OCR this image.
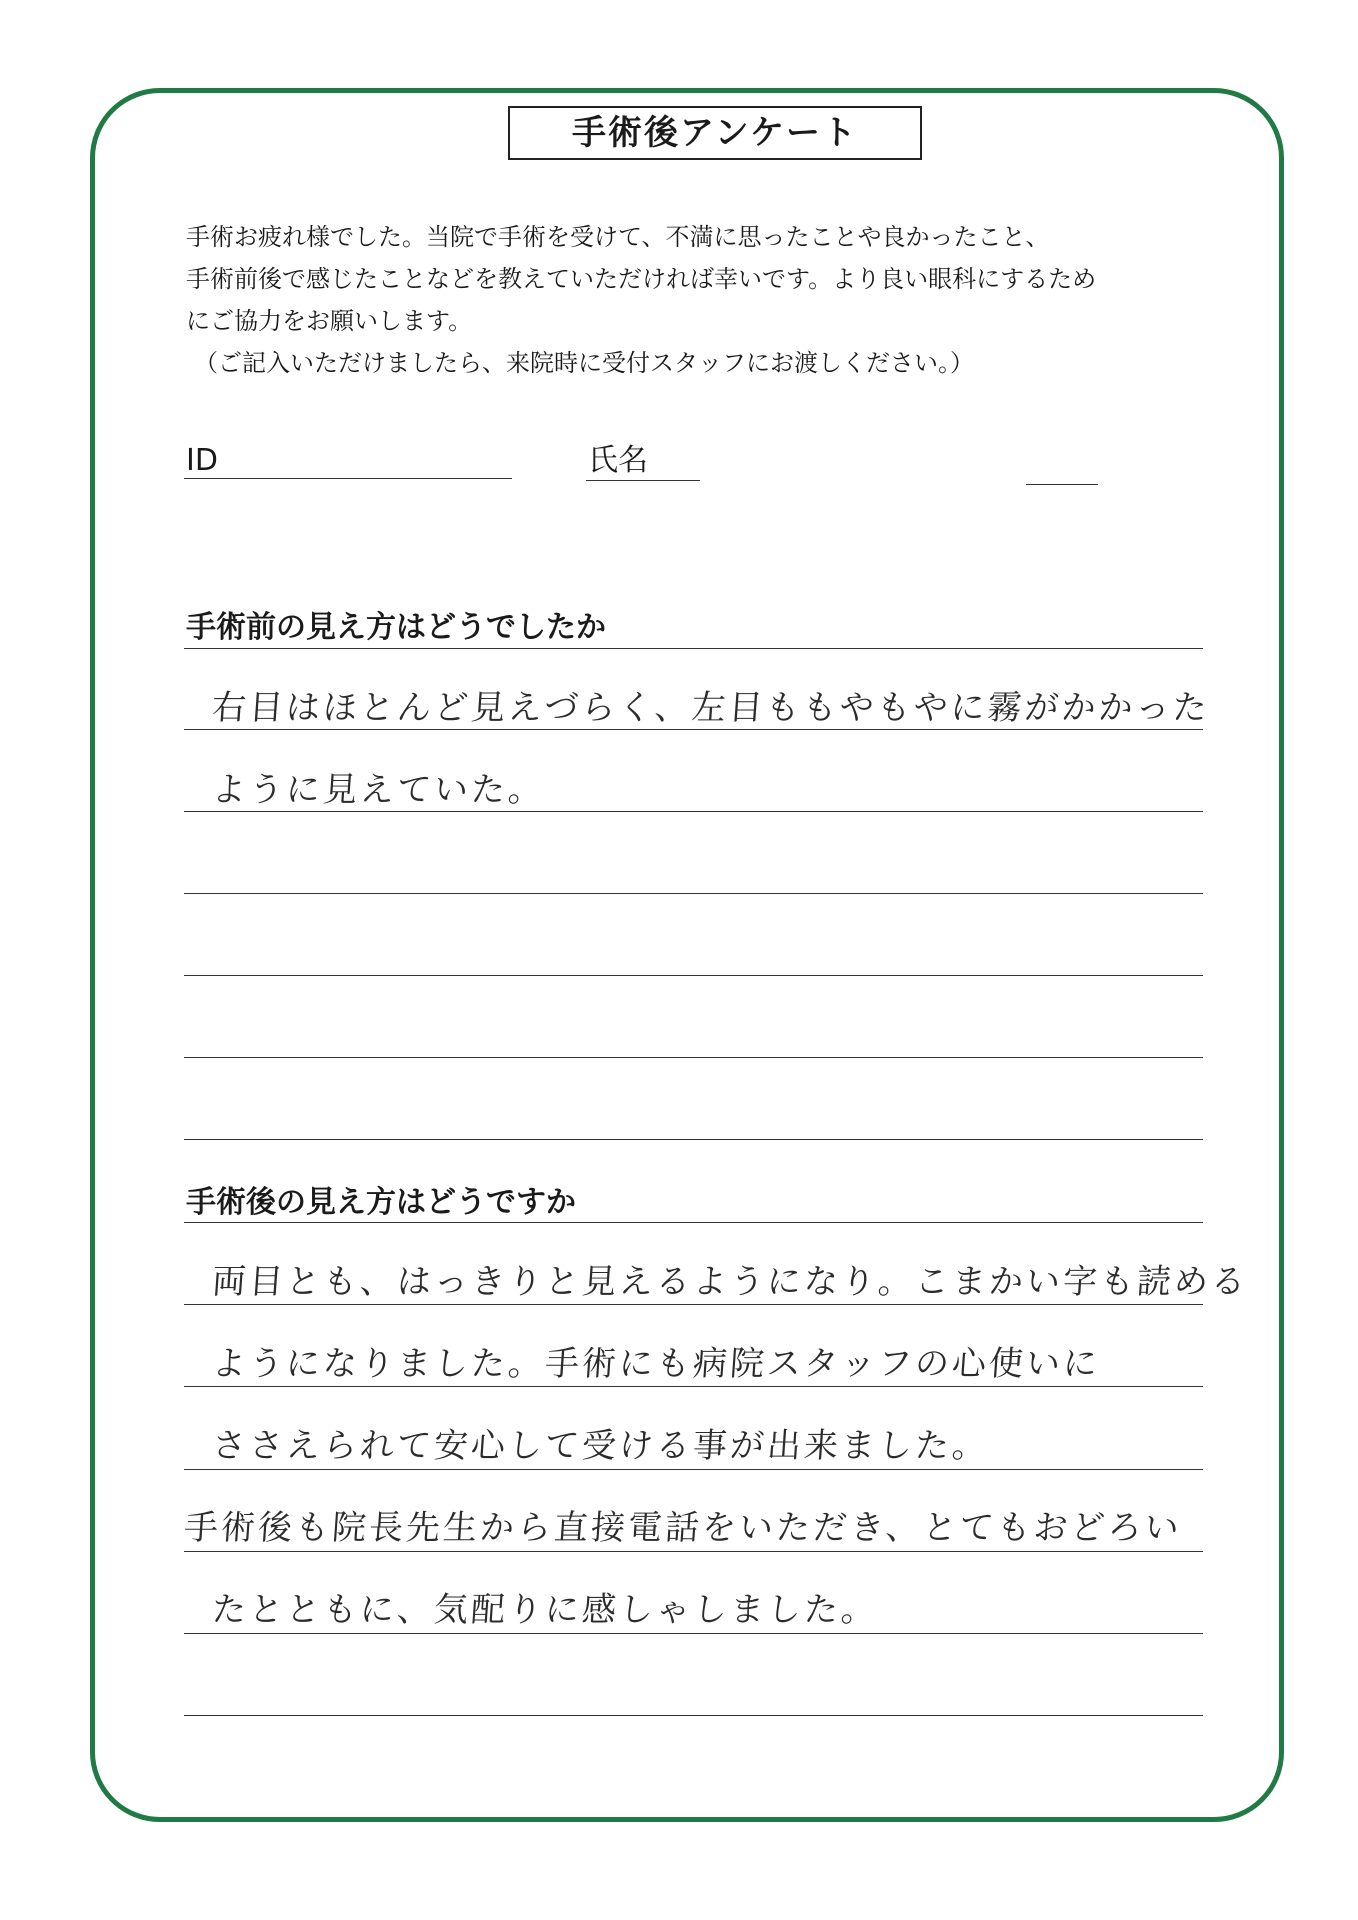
手術後アンケート
手術お疲れ様でした。当院で手術を受けて、不満に思ったことや良かったこと、
手術前後で感じたことなどを教えていただければ幸いです。より良い眼科にするため
にご協力をお願いします。
（ご記入いただけましたら、来院時に受付スタッフにお渡しください。）
ID	氏名
手術前の見え方はどうでしたか
右目はほとんど見えづらく、左目ももやもやに霧がかかった
ように見えていた。
手術後の見え方はどうですか
両目とも、はっきりと見えるようになり。こまかい字も読める
ようになりました。手術にも病院スタッフの心使いに
ささえられて安心して受ける事が出来ました。
手術後も院長先生から直接電話をいただき、とてもおどろい
たとともに、気配りに感しゃしました。
